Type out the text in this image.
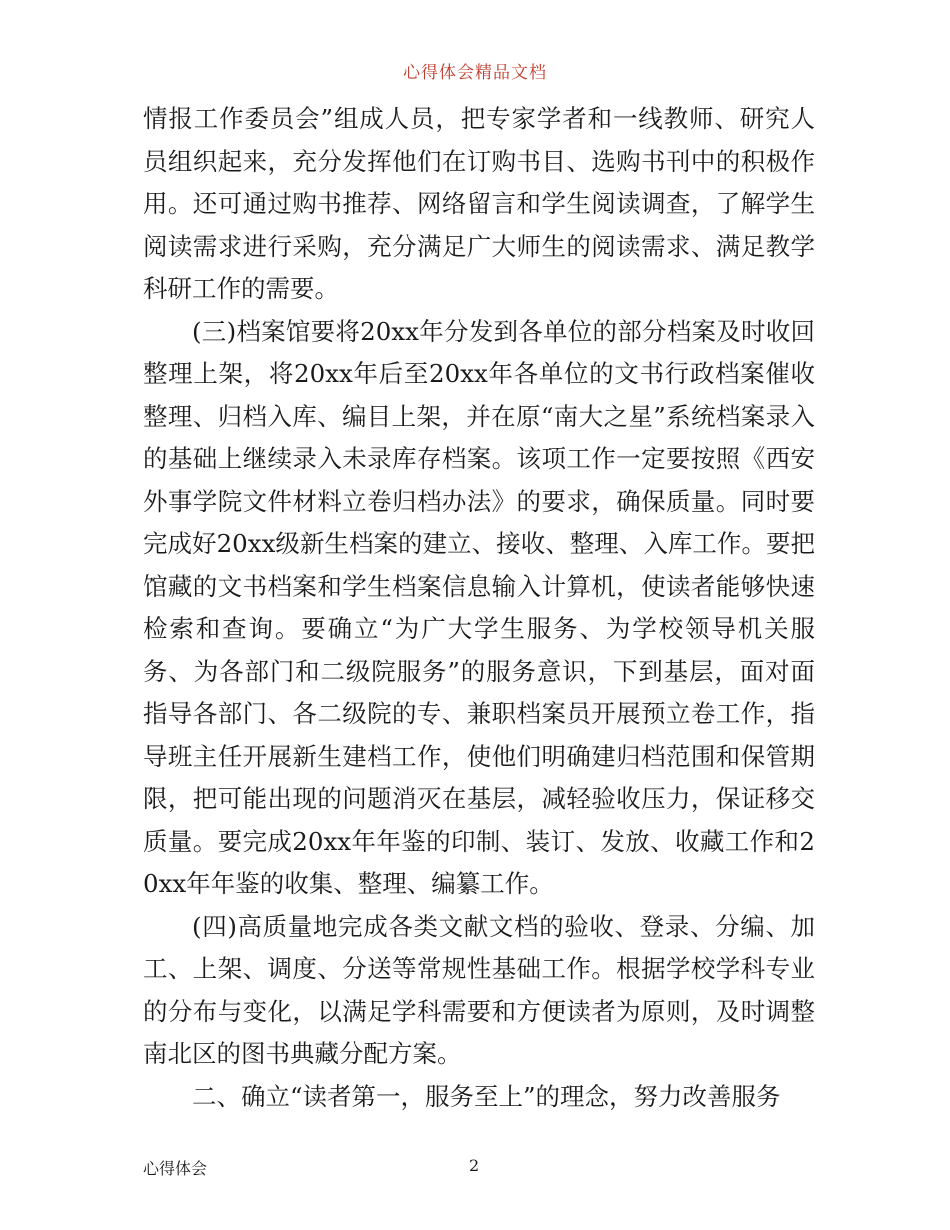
心得体会精品文档

情报工作委员会”组成人员，把专家学者和一线教师、研究人员组织起来，充分发挥他们在订购书目、选购书刊中的积极作用。还可通过购书推荐、网络留言和学生阅读调查，了解学生阅读需求进行采购，充分满足广大师生的阅读需求、满足教学科研工作的需要。

(三)档案馆要将20xx年分发到各单位的部分档案及时收回整理上架，将20xx年后至20xx年各单位的文书行政档案催收整理、归档入库、编目上架，并在原“南大之星”系统档案录入的基础上继续录入未录库存档案。该项工作一定要按照《西安外事学院文件材料立卷归档办法》的要求，确保质量。同时要完成好20xx级新生档案的建立、接收、整理、入库工作。要把馆藏的文书档案和学生档案信息输入计算机，使读者能够快速检索和查询。要确立“为广大学生服务、为学校领导机关服务、为各部门和二级院服务”的服务意识，下到基层，面对面指导各部门、各二级院的专、兼职档案员开展预立卷工作，指导班主任开展新生建档工作，使他们明确建归档范围和保管期限，把可能出现的问题消灭在基层，减轻验收压力，保证移交质量。要完成20xx年年鉴的印制、装订、发放、收藏工作和20xx年年鉴的收集、整理、编纂工作。

(四)高质量地完成各类文献文档的验收、登录、分编、加工、上架、调度、分送等常规性基础工作。根据学校学科专业的分布与变化，以满足学科需要和方便读者为原则，及时调整南北区的图书典藏分配方案。

二、确立“读者第一，服务至上”的理念，努力改善服务

心得体会	2
